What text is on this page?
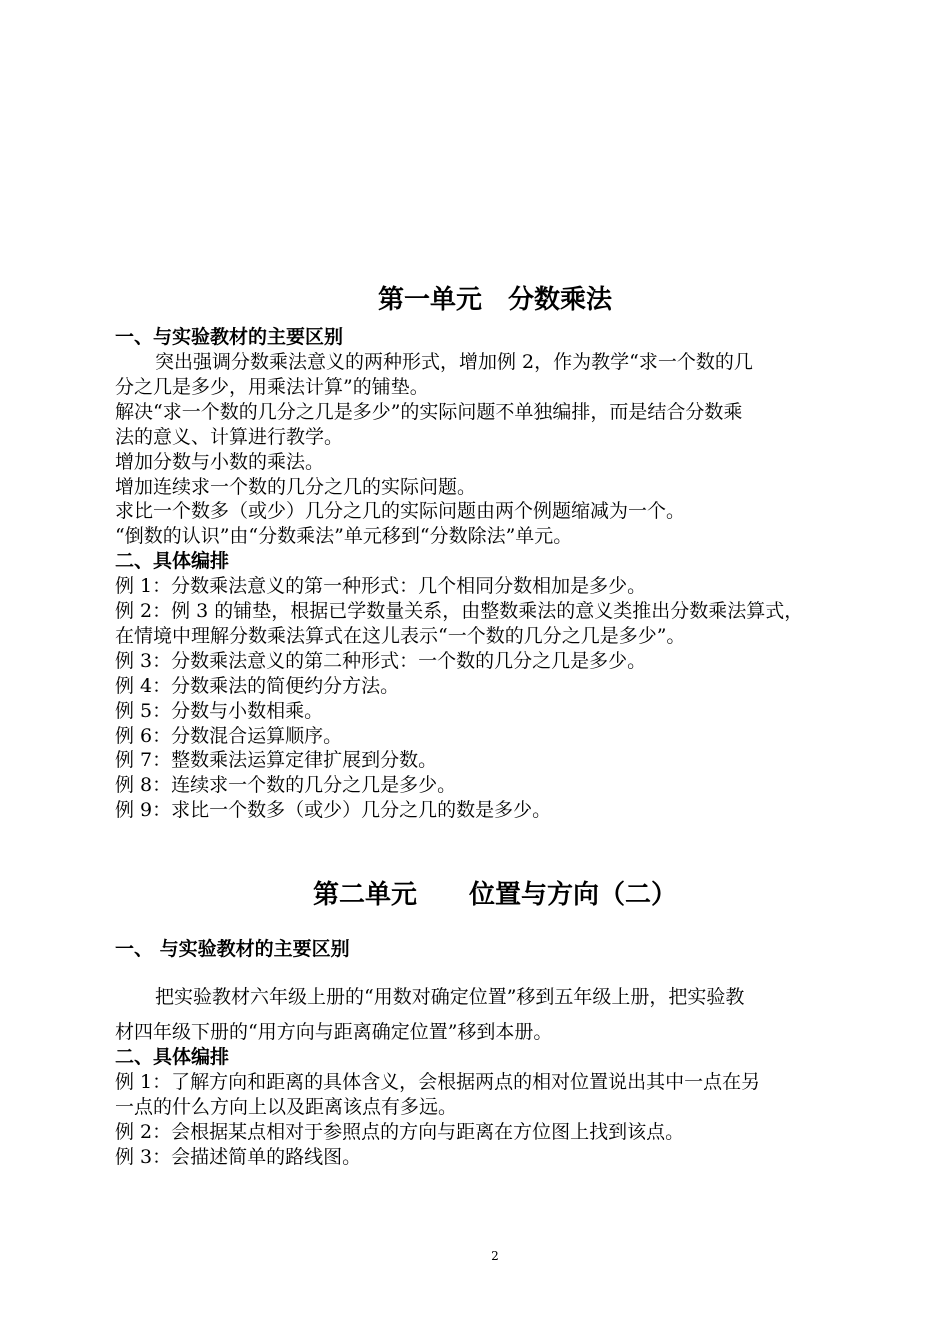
第一单元　分数乘法
一、与实验教材的主要区别
突出强调分数乘法意义的两种形式，增加例 2，作为教学“求一个数的几
分之几是多少，用乘法计算”的铺垫。
解决“求一个数的几分之几是多少”的实际问题不单独编排，而是结合分数乘
法的意义、计算进行教学。
增加分数与小数的乘法。
增加连续求一个数的几分之几的实际问题。
求比一个数多（或少）几分之几的实际问题由两个例题缩减为一个。
“倒数的认识”由“分数乘法”单元移到“分数除法”单元。
二、具体编排
例 1：分数乘法意义的第一种形式：几个相同分数相加是多少。
例 2：例 3 的铺垫，根据已学数量关系，由整数乘法的意义类推出分数乘法算式，
在情境中理解分数乘法算式在这儿表示“一个数的几分之几是多少”。
例 3：分数乘法意义的第二种形式：一个数的几分之几是多少。
例 4：分数乘法的简便约分方法。
例 5：分数与小数相乘。
例 6：分数混合运算顺序。
例 7：整数乘法运算定律扩展到分数。
例 8：连续求一个数的几分之几是多少。
例 9：求比一个数多（或少）几分之几的数是多少。
第二单元　　位置与方向（二）
一、 与实验教材的主要区别
把实验教材六年级上册的“用数对确定位置”移到五年级上册，把实验教
材四年级下册的“用方向与距离确定位置”移到本册。
二、具体编排
例 1：了解方向和距离的具体含义，会根据两点的相对位置说出其中一点在另
一点的什么方向上以及距离该点有多远。
例 2：会根据某点相对于参照点的方向与距离在方位图上找到该点。
例 3：会描述简单的路线图。
2
